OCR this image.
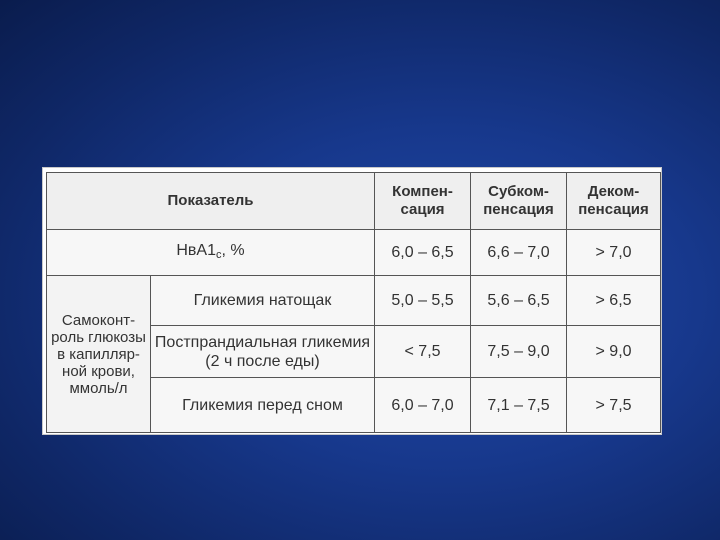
Показатель		Компен-сация	Субком-пенсация	Деком-пенсация
$НвА1_с$, %		6,0 – 6,5	6,6 – 7,0	> 7,0
Самоконт-роль глюкозы в капилляр-ной крови, ммоль/л	Гликемия натощак	5,0 – 5,5	5,6 – 6,5	> 6,5
	Постпрандиальная гликемия (2 ч после еды)	< 7,5	7,5 – 9,0	> 9,0
	Гликемия перед сном	6,0 – 7,0	7,1 – 7,5	> 7,5
